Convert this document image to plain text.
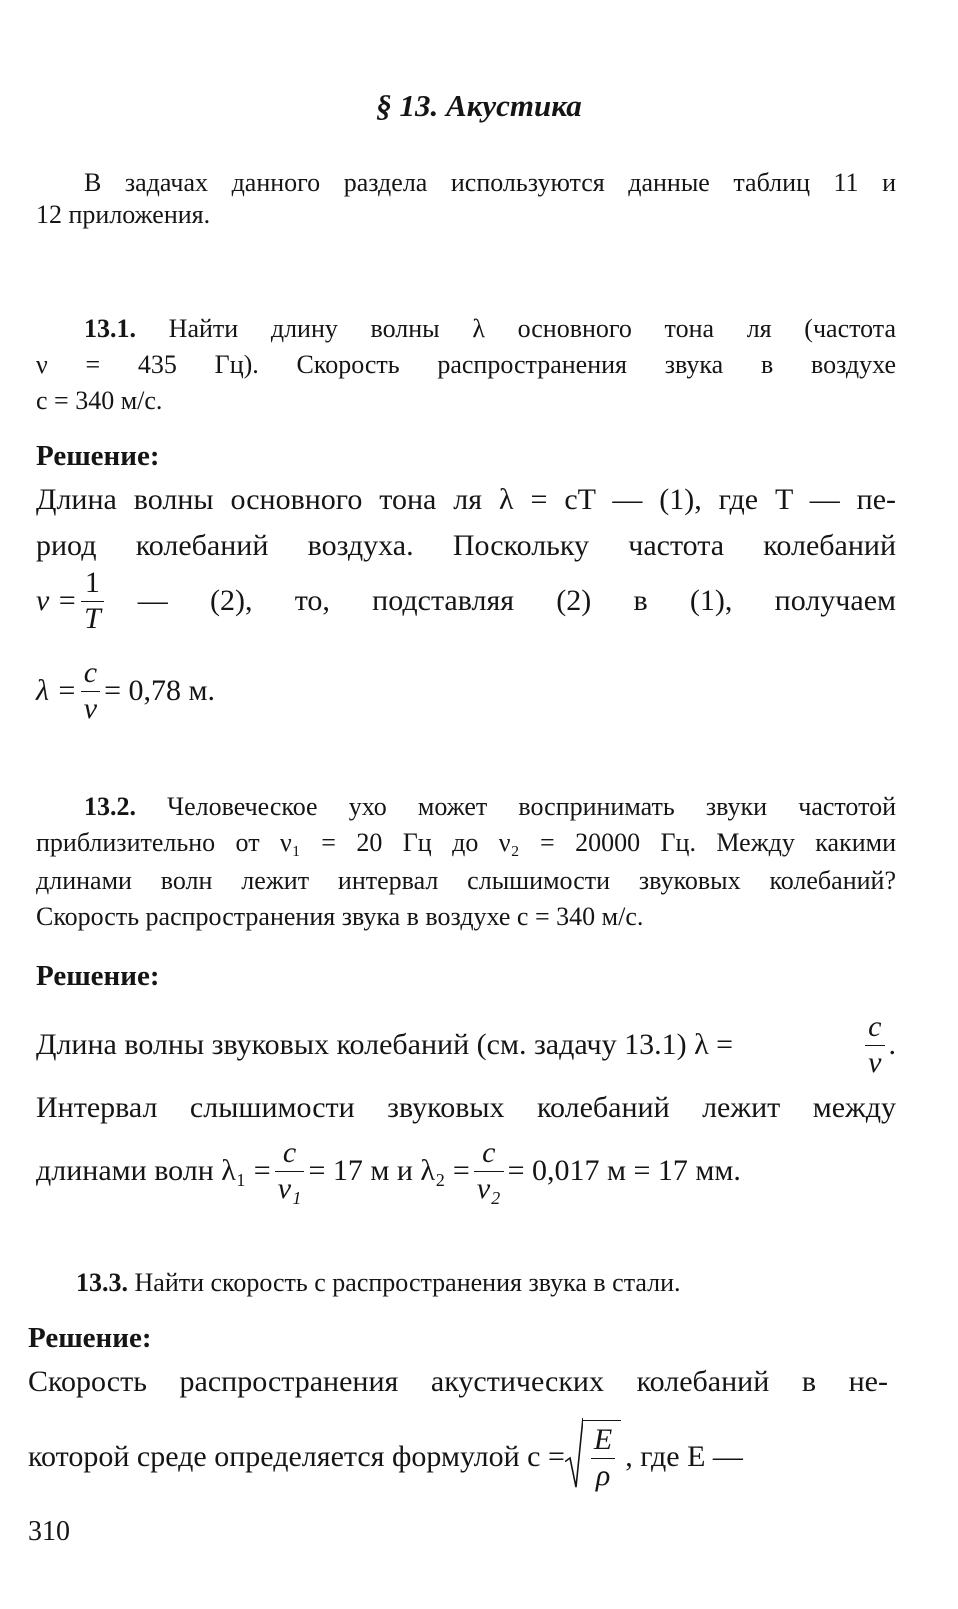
§ 13. Акустика
В задачах данного раздела используются данные таблиц 11 и
12 приложения.
13.1. Найти длину волны λ основного тона ля (частота
ν = 435 Гц). Скорость распространения звука в воздухе
c = 340 м/с.
Решение:
Длина волны основного тона ля λ = cT — (1), где T — пе-
риод колебаний воздуха. Поскольку частота колебаний
$\nu = \frac{1}{T}$ — (2), то, подставляя (2) в (1), получаем
$\lambda = \frac{c}{\nu} = 0,78$ м.
13.2. Человеческое ухо может воспринимать звуки частотой
приблизительно от ν₁ = 20 Гц до ν₂ = 20000 Гц. Между какими
длинами волн лежит интервал слышимости звуковых колебаний?
Скорость распространения звука в воздухе c = 340 м/с.
Решение:
Длина волны звуковых колебаний (см. задачу 13.1) λ =	$\frac{c}{\nu}$ .
Интервал слышимости звуковых колебаний лежит между
длинами волн $\lambda_1 = \frac{c}{\text{ν₁}} = 17$ м и $\lambda_2 = \frac{c}{\text{ν₂}} = 0,017$ м = 17 мм.
13.3. Найти скорость c распространения звука в стали.
Решение:
Скорость распространения акустических колебаний в не-
которой среде определяется формулой $c = \frac{E}{\rho}$ , где E —
310
